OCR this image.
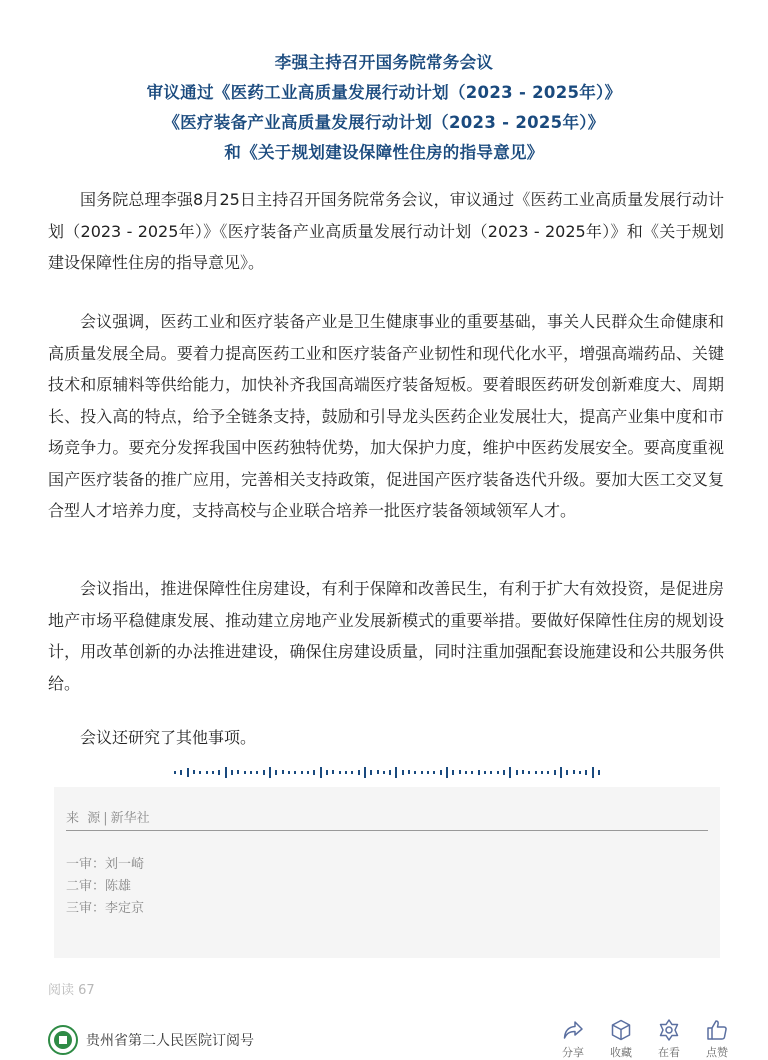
李强主持召开国务院常务会议
审议通过《医药工业高质量发展行动计划（2023 - 2025年）》
《医疗装备产业高质量发展行动计划（2023 - 2025年）》
和《关于规划建设保障性住房的指导意见》

国务院总理李强8月25日主持召开国务院常务会议，审议通过《医药工业高质量发展行动计划（2023 - 2025年）》《医疗装备产业高质量发展行动计划（2023 - 2025年）》和《关于规划建设保障性住房的指导意见》。

会议强调，医药工业和医疗装备产业是卫生健康事业的重要基础，事关人民群众生命健康和高质量发展全局。要着力提高医药工业和医疗装备产业韧性和现代化水平，增强高端药品、关键技术和原辅料等供给能力，加快补齐我国高端医疗装备短板。要着眼医药研发创新难度大、周期长、投入高的特点，给予全链条支持，鼓励和引导龙头医药企业发展壮大，提高产业集中度和市场竞争力。要充分发挥我国中医药独特优势，加大保护力度，维护中医药发展安全。要高度重视国产医疗装备的推广应用，完善相关支持政策，促进国产医疗装备迭代升级。要加大医工交叉复合型人才培养力度，支持高校与企业联合培养一批医疗装备领域领军人才。

会议指出，推进保障性住房建设，有利于保障和改善民生，有利于扩大有效投资，是促进房地产市场平稳健康发展、推动建立房地产业发展新模式的重要举措。要做好保障性住房的规划设计，用改革创新的办法推进建设，确保住房建设质量，同时注重加强配套设施建设和公共服务供给。

会议还研究了其他事项。

来  源 | 新华社
一审：刘一崎
二审：陈雄
三审：李定京
阅读 67
贵州省第二人民医院订阅号
分享 收藏 在看 点赞
